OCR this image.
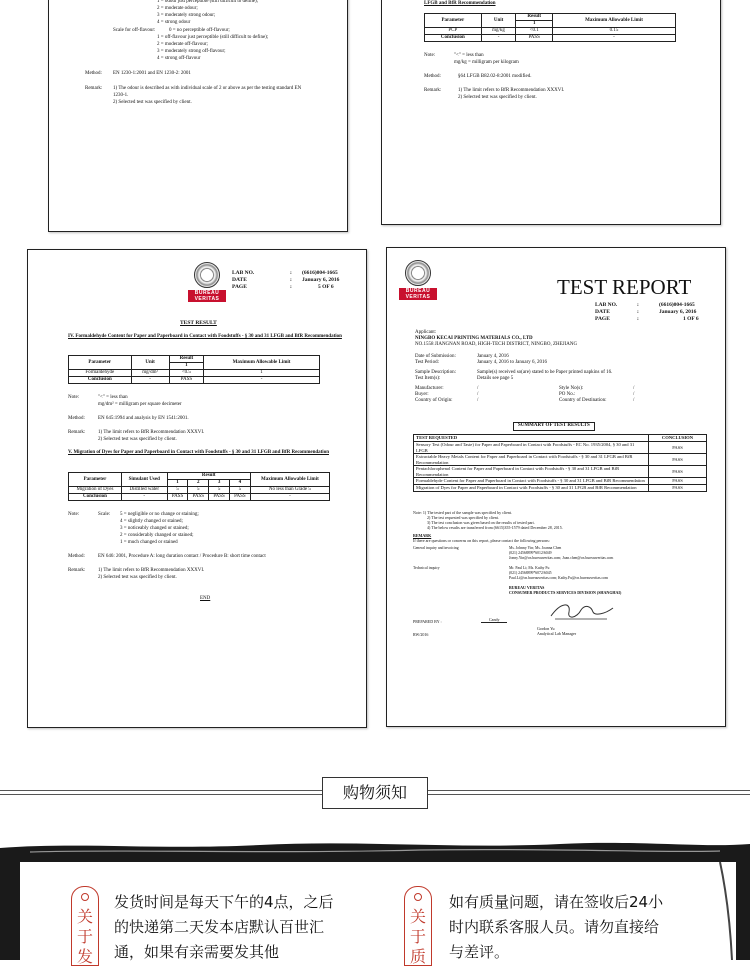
1 = odour just perceptible (still difficult to define);
2 = moderate odour;
3 = moderately strong odour;
4 = strong odour
Scale for off-flavour:	0 = no perceptible off-flavour;
1 = off-flavour just perceptible (still difficult to define);
2 = moderate off-flavour;
3 = moderately strong off-flavour;
4 = strong off-flavour
Method: EN 1230-1:2001 and EN 1230-2: 2001
Remark: 1) The odour is described as with individual scale of 2 or above as per the testing standard EN
1230-1.
2) Selected test was specified by client.
LFGB and BfR Recommendation
Parameter	Unit	Result	Maximum Allowable Limit
		1	
PCP	mg/kg	<0.1	0.15
Conclusion	-	PASS	-
Note:	"<" = less than
mg/kg = milligram per kilogram
Method:	§64 LFGB B82.02-8:2001 modified.
Remark:	1) The limit refers to BfR Recommendation XXXVI.
2) Selected test was specified by client.
BUREAU VERITAS
LAB NO.	: (6616)004-1665
DATE	: January 6, 2016
PAGE	:	5 OF 6
TEST RESULT
IV. Formaldehyde Content for Paper and Paperboard in Contact with Foodstuffs - § 30 and 31 LFGB and BfR Recommendation
Parameter	Unit	Result	Maximum Allowable Limit
		1	
Formaldehyde	mg/dm²	<0.5	1
Conclusion	-	PASS	-
Note:	"<" = less than
mg/dm² = milligram per square decimeter
Method:	EN 645:1994 and analysis by EN 1541:2001.
Remark:	1) The limit refers to BfR Recommendation XXXVI.
2) Selected test was specified by client.
V. Migration of Dyes for Paper and Paperboard in Contact with Foodstuffs - § 30 and 31 LFGB and BfR Recommendation
Parameter	Simulant Used	Result				Maximum Allowable Limit
		1	2	3	4	
Migration of Dyes	Distilled water	5	5	5	5	No less than Grade 5
Conclusion	-	PASS	PASS	PASS	PASS	-
Note:	Scale: 5 = negligible or no change or staining;
4 = slightly changed or stained;
3 = noticeably changed or stained;
2 = considerably changed or stained;
1 = much changed or stained
Method:	EN 646: 2001, Procedure A: long duration contact / Procedure B: short time contact
Remark:	1) The limit refers to BfR Recommendation XXXVI.
2) Selected test was specified by client.
END
BUREAU VERITAS	TEST REPORT
LAB NO.	:	(6616)004-1665
DATE	:	January 6, 2016
PAGE	:	1 OF 6
Applicant:
NINGBO KECAI PRINTING MATERIALS CO., LTD
NO.1558 JIANGNAN ROAD, HIGH-TECH DISTRICT, NINGBO, ZHEJIANG
Date of Submission:	January 4, 2016
Test Period:	January 4, 2016 to January 6, 2016
Sample Description:	Sample(s) received so(are) stated to be Paper printed napkins of 16.
Test Item(s):	Details see page 5
Manufacturer:	/
Buyer:	/
Country of Origin:	/
Style No(s):	/
PO No.:	/
Country of Destination:	/
SUMMARY OF TEST RESULTS
TEST REQUESTED	CONCLUSION
Sensory Test (Odour and Taste) for Paper and Paperboard in Contact with Foodstuffs - EC No. 1935/2004, § 30 and 31 LFGB	PASS
Extractable Heavy Metals Content for Paper and Paperboard in Contact with Foodstuffs - § 30 and 31 LFGB and BfR Recommendation	PASS
Pentachlorophenol Content for Paper and Paperboard in Contact with Foodstuffs - § 30 and 31 LFGB and BfR Recommendation	PASS
Formaldehyde Content for Paper and Paperboard in Contact with Foodstuffs - § 30 and 31 LFGB and BfR Recommendation	PASS
Migration of Dyes for Paper and Paperboard in Contact with Foodstuffs - § 30 and 31 LFGB and BfR Recommendation	PASS
Note: 1) The tested part of the sample was specified by client.
2) The test requested was specified by client.
3) The test conclusion was given based on the results of tested part.
4) The below results are transferred from (6615)355-1579 dated December 28, 2015.
REMARK
If there are questions or concerns on this report, please contact the following persons:
General inquiry and invoicing
Technical inquiry
Ms. Johnny Yin; Ms. Joanna Chen
(021) 24568899*6012/6049
Jonny.Yin@cn.bureauveritas.com; Joan.chen@cn.bureauveritas.com
Mr. Paul Li; Ms. Kathy Fu
(021) 24568899*6072/6045
Paul.Li@cn.bureauveritas.com; Kathy.Fu@cn.bureauveritas.com
BUREAU VERITAS
CONSUMER PRODUCTS SERVICES DIVISION (SHANGHAI)
PREPARED BY :	Candy
Gordon Yu
Analytical Lab Manager
RW/2016
购物须知
关
于
发
发货时间是每天下午的4点，之后的快递第二天发本店默认百世汇通，如果有亲需要发其他
关
于
质
如有质量问题，请在签收后24小时内联系客服人员。请勿直接给与差评。
